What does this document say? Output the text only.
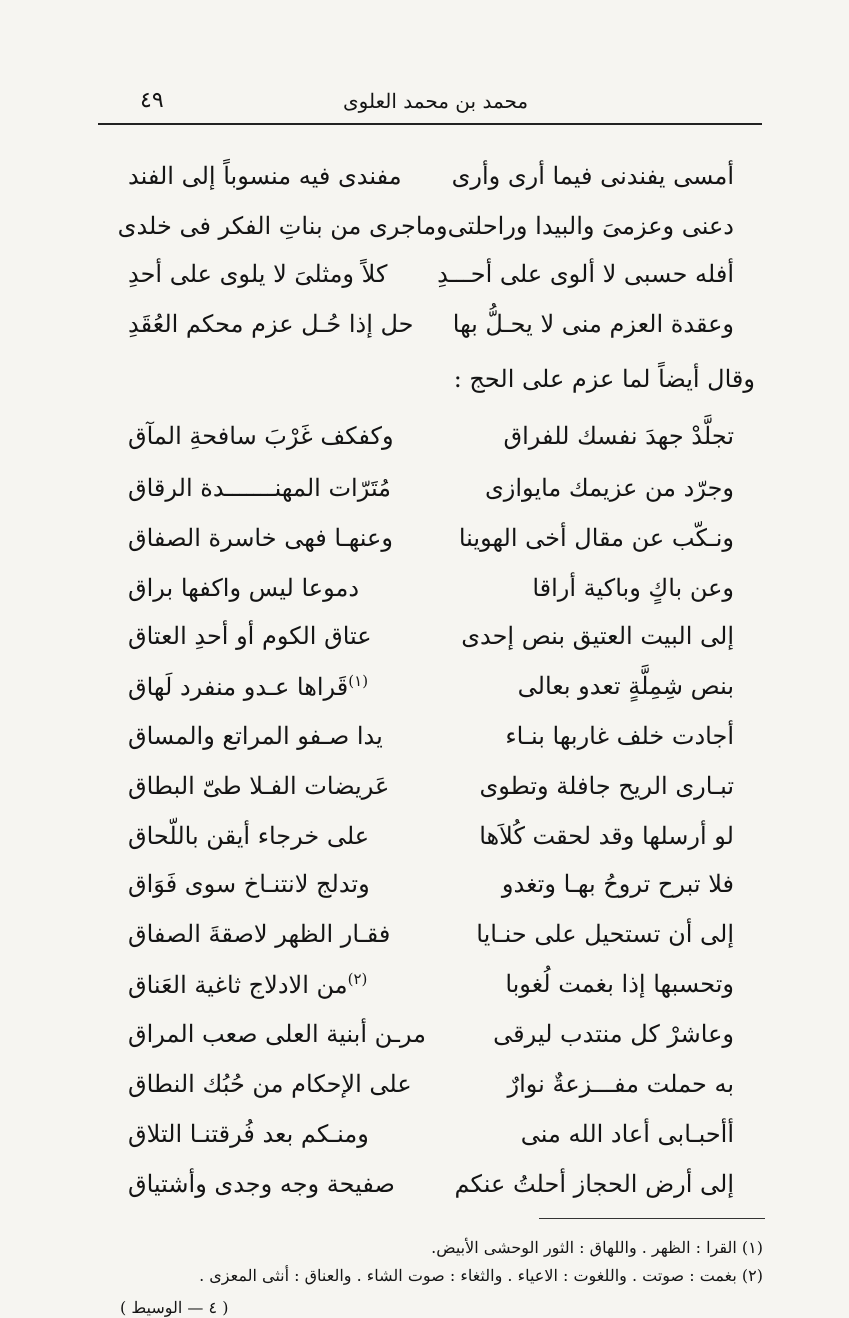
٤٩	محمد بن محمد العلوى
أمسى يفندنى فيما أرى وأرى
مفندى فيه منسوباً إلى الفند
دعنى وعزمىَ والبيدا وراحلتى
وماجرى من بناتِ الفكر فى خلدى
أفله حسبى لا ألوى على أحـــدِ
كلاً ومثلىَ لا يلوى على أحدِ
وعقدة العزم منى لا يحـلُّ بها
حل إذا حُـل عزم محكم العُقَدِ
وقال أيضاً لما عزم على الحج :
تجلَّدْ جهدَ نفسك للفراق
وكفكف غَرْبَ سافحةِ المآق
وجرّد من عزيمك مايوازى
مُتَرّات المهنـــــــدة الرقاق
ونـكّب عن مقال أخى الهوينا
وعنهـا فهى خاسرة الصفاق
وعن باكٍ وباكية أراقا
دموعا ليس واكفها براق
إلى البيت العتيق بنص إحدى
عتاق الكوم أو أحدِ العتاق
بنص شِمِلَّةٍ تعدو بعالى
$^{(١)}$قَراها عـدو منفرد لَهاق
أجادت خلف غاربها بنـاء
يدا صـفو المراتع والمساق
تبـارى الريح جافلة وتطوى
عَريضات الفـلا طىّ البطاق
لو أرسلها وقد لحقت كُلاَها
على خرجاء أيقن باللّحاق
فلا تبرح تروحُ بهـا وتغدو
وتدلج لانتنـاخ سوى فَوَاق
إلى أن تستحيل على حنـايا
فقـار الظهر لاصقةَ الصفاق
وتحسبها إذا بغمت لُغوبا
$^{(٢)}$من الادلاج ثاغية العَناق
وعاشرْ كل منتدب ليرقى
مرـن أبنية العلى صعب المراق
به حملت مفـــزعةٌ نوارٌ
على الإحكام من حُبُك النطاق
أأحبـابى أعاد الله منى
ومنـكم بعد فُرقتنـا التلاق
إلى أرض الحجاز أحلتُ عنكم
صفيحة وجه وجدى وأشتياق
(١) القرا : الظهر . واللهاق : الثور الوحشى الأبيض.
(٢) بغمت : صوتت . واللغوت : الاعياء . والثغاء : صوت الشاء . والعناق : أنثى المعزى .
( ٤ — الوسيط )
